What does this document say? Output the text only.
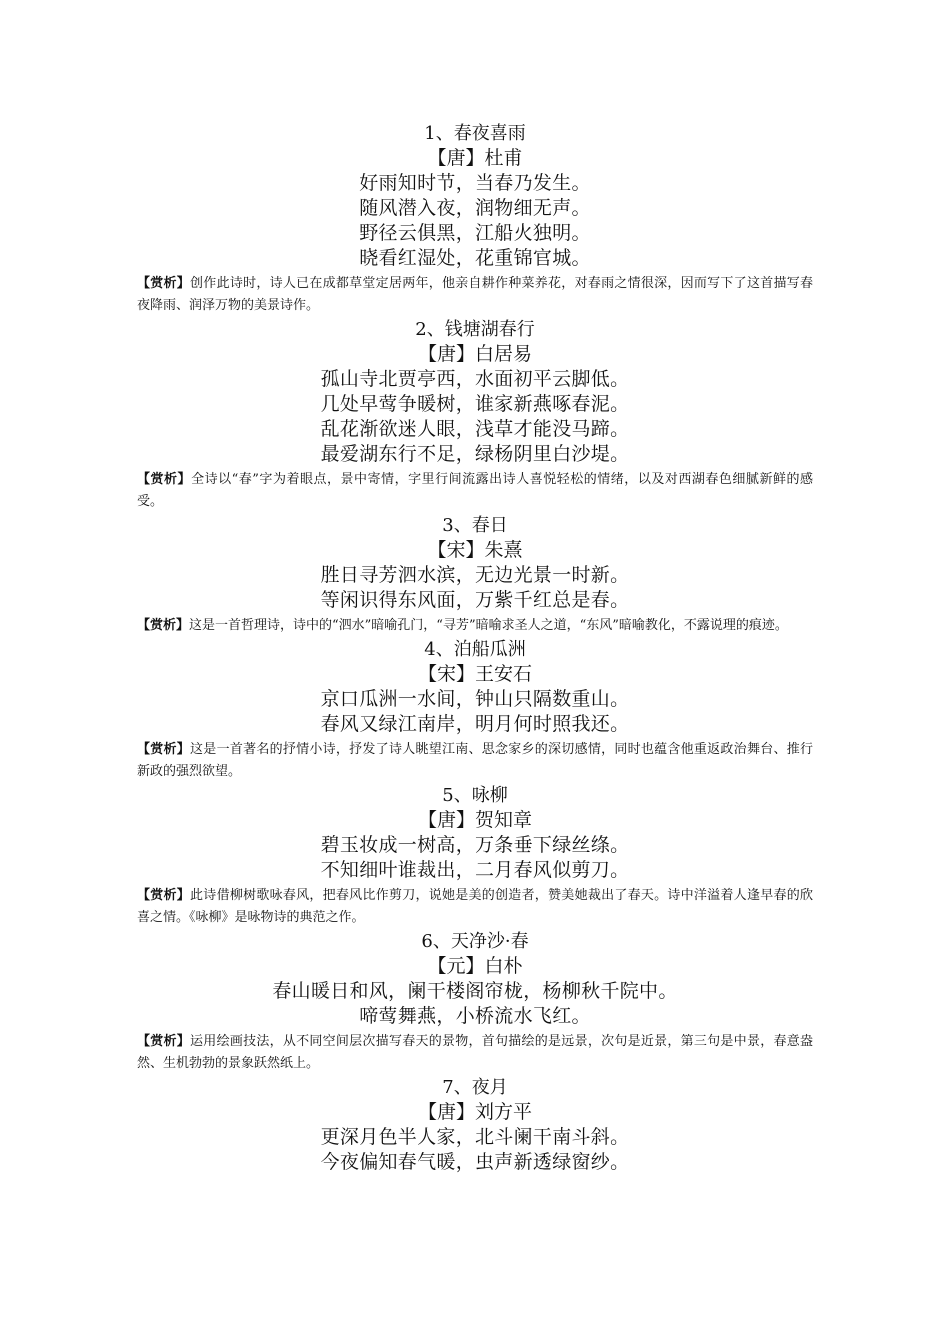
1、春夜喜雨
【唐】杜甫
好雨知时节，当春乃发生。
随风潜入夜，润物细无声。
野径云俱黑，江船火独明。
晓看红湿处，花重锦官城。

【赏析】创作此诗时，诗人已在成都草堂定居两年，他亲自耕作种菜养花，对春雨之情很深，因而写下了这首描写春夜降雨、润泽万物的美景诗作。

2、钱塘湖春行
【唐】白居易
孤山寺北贾亭西，水面初平云脚低。
几处早莺争暖树，谁家新燕啄春泥。
乱花渐欲迷人眼，浅草才能没马蹄。
最爱湖东行不足，绿杨阴里白沙堤。

【赏析】全诗以“春”字为着眼点，景中寄情，字里行间流露出诗人喜悦轻松的情绪，以及对西湖春色细腻新鲜的感受。

3、春日
【宋】朱熹
胜日寻芳泗水滨，无边光景一时新。
等闲识得东风面，万紫千红总是春。

【赏析】这是一首哲理诗，诗中的“泗水”暗喻孔门，“寻芳”暗喻求圣人之道，“东风”暗喻教化，不露说理的痕迹。

4、泊船瓜洲
【宋】王安石
京口瓜洲一水间，钟山只隔数重山。
春风又绿江南岸，明月何时照我还。

【赏析】这是一首著名的抒情小诗，抒发了诗人眺望江南、思念家乡的深切感情，同时也蕴含他重返政治舞台、推行新政的强烈欲望。

5、咏柳
【唐】贺知章
碧玉妆成一树高，万条垂下绿丝绦。
不知细叶谁裁出，二月春风似剪刀。

【赏析】此诗借柳树歌咏春风，把春风比作剪刀，说她是美的创造者，赞美她裁出了春天。诗中洋溢着人逢早春的欣喜之情。《咏柳》是咏物诗的典范之作。

6、天净沙·春
【元】白朴
春山暖日和风，阑干楼阁帘栊，杨柳秋千院中。
啼莺舞燕，小桥流水飞红。

【赏析】运用绘画技法，从不同空间层次描写春天的景物，首句描绘的是远景，次句是近景，第三句是中景，春意盎然、生机勃勃的景象跃然纸上。

7、夜月
【唐】刘方平
更深月色半人家，北斗阑干南斗斜。
今夜偏知春气暖，虫声新透绿窗纱。
